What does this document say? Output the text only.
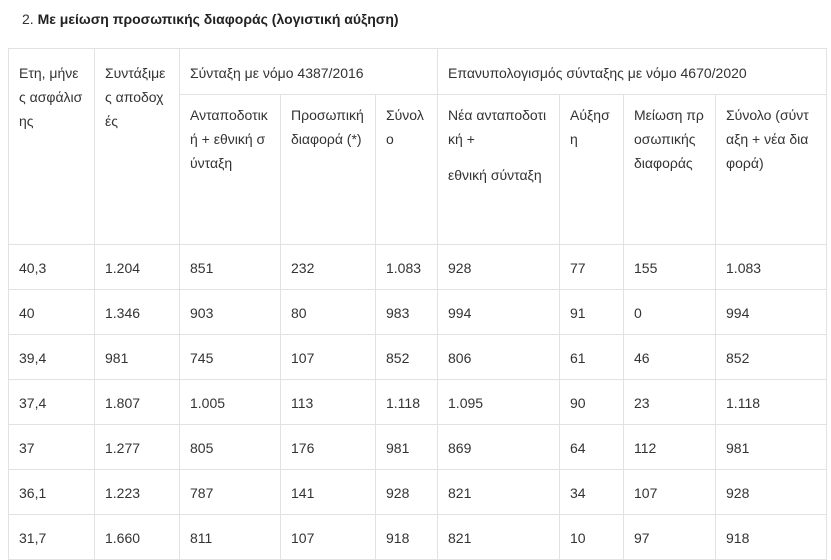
2. Με μείωση προσωπικής διαφοράς (λογιστική αύξηση)
Ετη, μήνες ασφάλισης	Συντάξιμες αποδοχές	Σύνταξη με νόμο 4387/2016			Επανυπολογισμός σύνταξης με νόμο 4670/2020			
		Ανταποδοτική + εθνική σύνταξη	Προσωπική διαφορά (*)	Σύνολο	Νέα ανταποδοτική +
εθνική σύνταξη	Αύξηση	Μείωση προσωπικής διαφοράς	Σύνολο (σύνταξη + νέα διαφορά)
40,3	1.204	851	232	1.083	928	77	155	1.083
40	1.346	903	80	983	994	91	0	994
39,4	981	745	107	852	806	61	46	852
37,4	1.807	1.005	113	1.118	1.095	90	23	1.118
37	1.277	805	176	981	869	64	112	981
36,1	1.223	787	141	928	821	34	107	928
31,7	1.660	811	107	918	821	10	97	918
